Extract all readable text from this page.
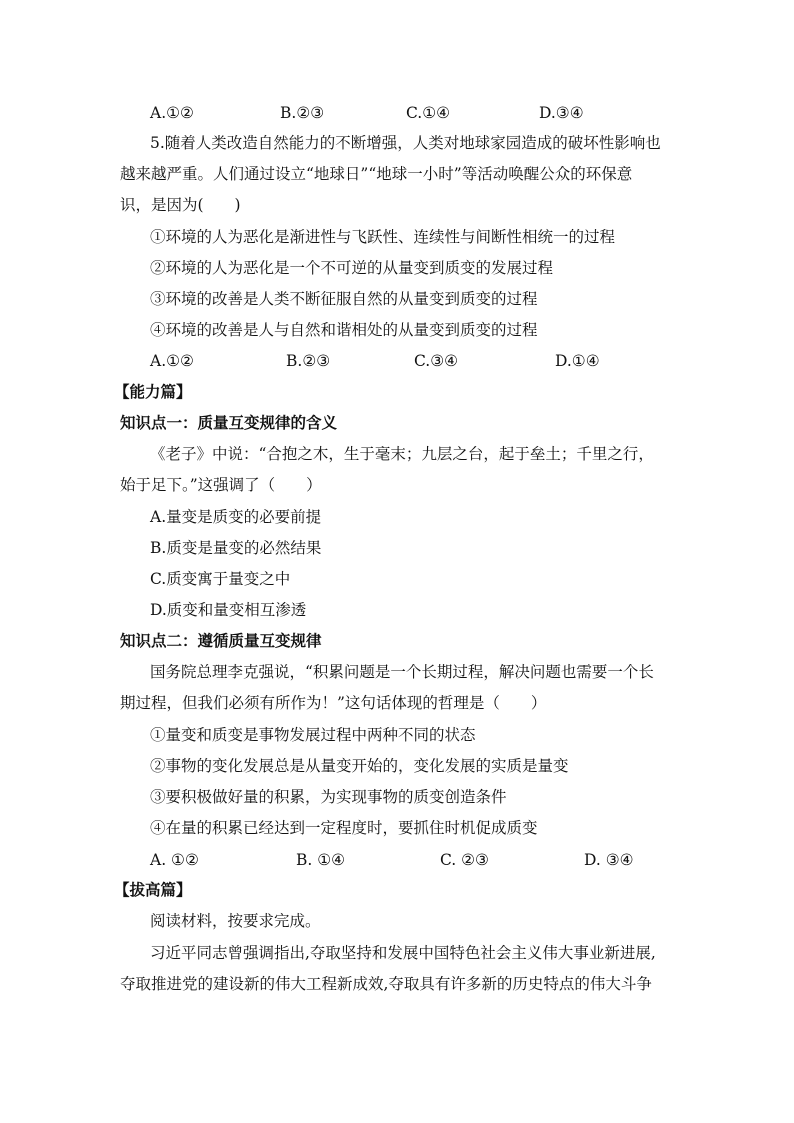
A.①②	B.②③	C.①④	D.③④
5.随着人类改造自然能力的不断增强，人类对地球家园造成的破坏性影响也
越来越严重。人们通过设立“地球日”“地球一小时”等活动唤醒公众的环保意
识，是因为(　　)
①环境的人为恶化是渐进性与飞跃性、连续性与间断性相统一的过程
②环境的人为恶化是一个不可逆的从量变到质变的发展过程
③环境的改善是人类不断征服自然的从量变到质变的过程
④环境的改善是人与自然和谐相处的从量变到质变的过程
A.①②	B.②③	C.③④	D.①④
【能力篇】
知识点一：质量互变规律的含义
《老子》中说：“合抱之木，生于毫末；九层之台，起于垒土；千里之行，
始于足下。”这强调了（　　）
A.量变是质变的必要前提
B.质变是量变的必然结果
C.质变寓于量变之中
D.质变和量变相互渗透
知识点二：遵循质量互变规律
国务院总理李克强说，“积累问题是一个长期过程，解决问题也需要一个长
期过程，但我们必须有所作为！”这句话体现的哲理是（　　）
①量变和质变是事物发展过程中两种不同的状态
②事物的变化发展总是从量变开始的，变化发展的实质是量变
③要积极做好量的积累，为实现事物的质变创造条件
④在量的积累已经达到一定程度时，要抓住时机促成质变
A. ①②	B. ①④	C. ②③	D. ③④
【拔高篇】
阅读材料，按要求完成。
习近平同志曾强调指出,夺取坚持和发展中国特色社会主义伟大事业新进展,
夺取推进党的建设新的伟大工程新成效,夺取具有许多新的历史特点的伟大斗争
